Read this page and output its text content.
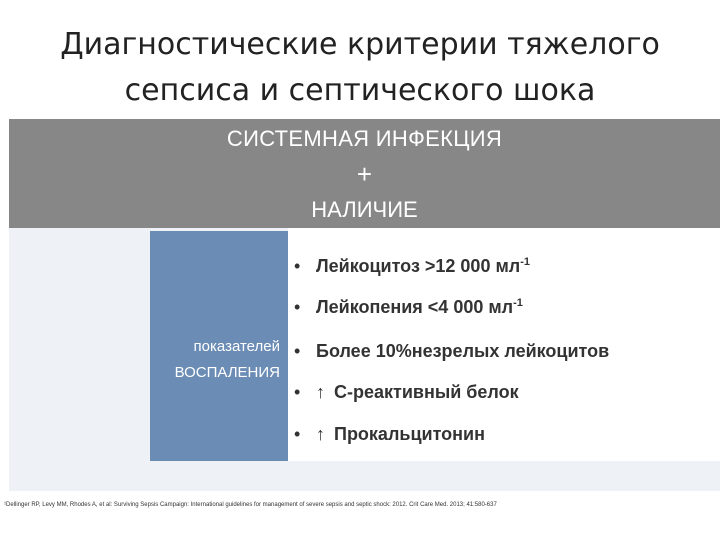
Диагностические критерии тяжелого
сепсиса и септического шока
СИСТЕМНАЯ ИНФЕКЦИЯ
+
НАЛИЧИЕ
показателей
ВОСПАЛЕНИЯ
• Лейкоцитоз >12 000 $мл^{-1}$
• Лейкопения <4 000 $мл^{-1}$
• Более 10%незрелых лейкоцитов
• ↑ С-реактивный белок
• ↑ Прокальцитонин
¹Dellinger RP, Levy MM, Rhodes A, et al: Surviving Sepsis Campaign: International guidelines for management of severe sepsis and septic shock: 2012. Crit Care Med. 2013; 41:580-637
